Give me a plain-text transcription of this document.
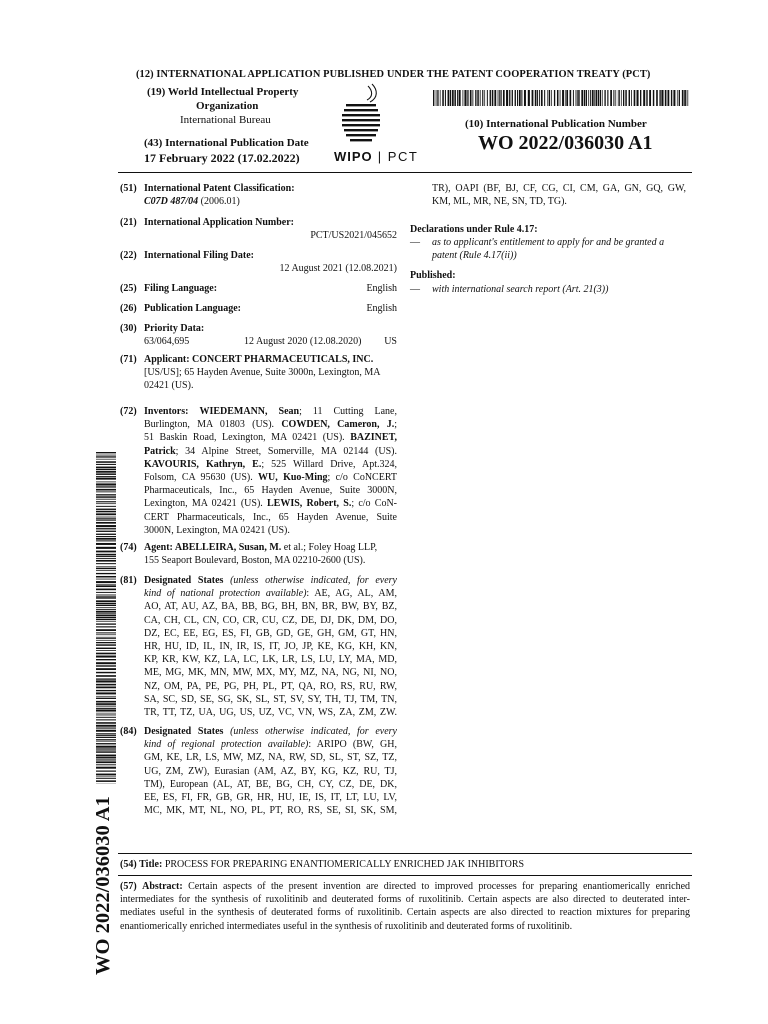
(12) INTERNATIONAL APPLICATION PUBLISHED UNDER THE PATENT COOPERATION TREATY (PCT)
(19) World Intellectual Property
Organization
International Bureau
WIPO | PCT
(43) International Publication Date
17 February 2022 (17.02.2022)
(10) International Publication Number
WO 2022/036030 A1
(51) International Patent Classification:
C07D 487/04 (2006.01)
(21) International Application Number:
PCT/US2021/045652
(22) International Filing Date:
12 August 2021 (12.08.2021)
(25) Filing Language:	English
(26) Publication Language:	English
(30) Priority Data:
63/064,695	12 August 2020 (12.08.2020) US
(71) Applicant: CONCERT PHARMACEUTICALS, INC.
[US/US]; 65 Hayden Avenue, Suite 3000n, Lexington, MA
02421 (US).
(72) Inventors: WIEDEMANN, Sean; 11 Cutting Lane,
Burlington, MA 01803 (US). COWDEN, Cameron, J.;
51 Baskin Road, Lexington, MA 02421 (US). BAZINET,
Patrick; 34 Alpine Street, Somerville, MA 02144 (US).
KAVOURIS, Kathryn, E.; 525 Willard Drive, Apt.324,
Folsom, CA 95630 (US). WU, Kuo-Ming; c/o CoNCERT
Pharmaceuticals, Inc., 65 Hayden Avenue, Suite 3000N,
Lexington, MA 02421 (US). LEWIS, Robert, S.; c/o CoN-
CERT Pharmaceuticals, Inc., 65 Hayden Avenue, Suite
3000N, Lexington, MA 02421 (US).
(74) Agent: ABELLEIRA, Susan, M. et al.; Foley Hoag LLP,
155 Seaport Boulevard, Boston, MA 02210-2600 (US).
(81) Designated States (unless otherwise indicated, for every
kind of national protection available): AE, AG, AL, AM,
AO, AT, AU, AZ, BA, BB, BG, BH, BN, BR, BW, BY, BZ,
CA, CH, CL, CN, CO, CR, CU, CZ, DE, DJ, DK, DM, DO,
DZ, EC, EE, EG, ES, FI, GB, GD, GE, GH, GM, GT, HN,
HR, HU, ID, IL, IN, IR, IS, IT, JO, JP, KE, KG, KH, KN,
KP, KR, KW, KZ, LA, LC, LK, LR, LS, LU, LY, MA, MD,
ME, MG, MK, MN, MW, MX, MY, MZ, NA, NG, NI, NO,
NZ, OM, PA, PE, PG, PH, PL, PT, QA, RO, RS, RU, RW,
SA, SC, SD, SE, SG, SK, SL, ST, SV, SY, TH, TJ, TM, TN,
TR, TT, TZ, UA, UG, US, UZ, VC, VN, WS, ZA, ZM, ZW.
(84) Designated States (unless otherwise indicated, for every
kind of regional protection available): ARIPO (BW, GH,
GM, KE, LR, LS, MW, MZ, NA, RW, SD, SL, ST, SZ, TZ,
UG, ZM, ZW), Eurasian (AM, AZ, BY, KG, KZ, RU, TJ,
TM), European (AL, AT, BE, BG, CH, CY, CZ, DE, DK,
EE, ES, FI, FR, GB, GR, HR, HU, IE, IS, IT, LT, LU, LV,
MC, MK, MT, NL, NO, PL, PT, RO, RS, SE, SI, SK, SM,
TR), OAPI (BF, BJ, CF, CG, CI, CM, GA, GN, GQ, GW,
KM, ML, MR, NE, SN, TD, TG).
Declarations under Rule 4.17:
— as to applicant's entitlement to apply for and be granted a
patent (Rule 4.17(ii))
Published:
— with international search report (Art. 21(3))
WO 2022/036030 A1 (54) Title: PROCESS FOR PREPARING ENANTIOMERICALLY ENRICHED JAK INHIBITORS
(57) Abstract: Certain aspects of the present invention are directed to improved processes for preparing enantiomerically enriched
intermediates for the synthesis of ruxolitinib and deuterated forms of ruxolitinib. Certain aspects are also directed to deuterated inter-
mediates useful in the synthesis of deuterated forms of ruxolitinib. Certain aspects are also directed to reaction mixtures for preparing
enantiomerically enriched intermediates useful in the synthesis of ruxolitinib and deuterated forms of ruxolitinib.
